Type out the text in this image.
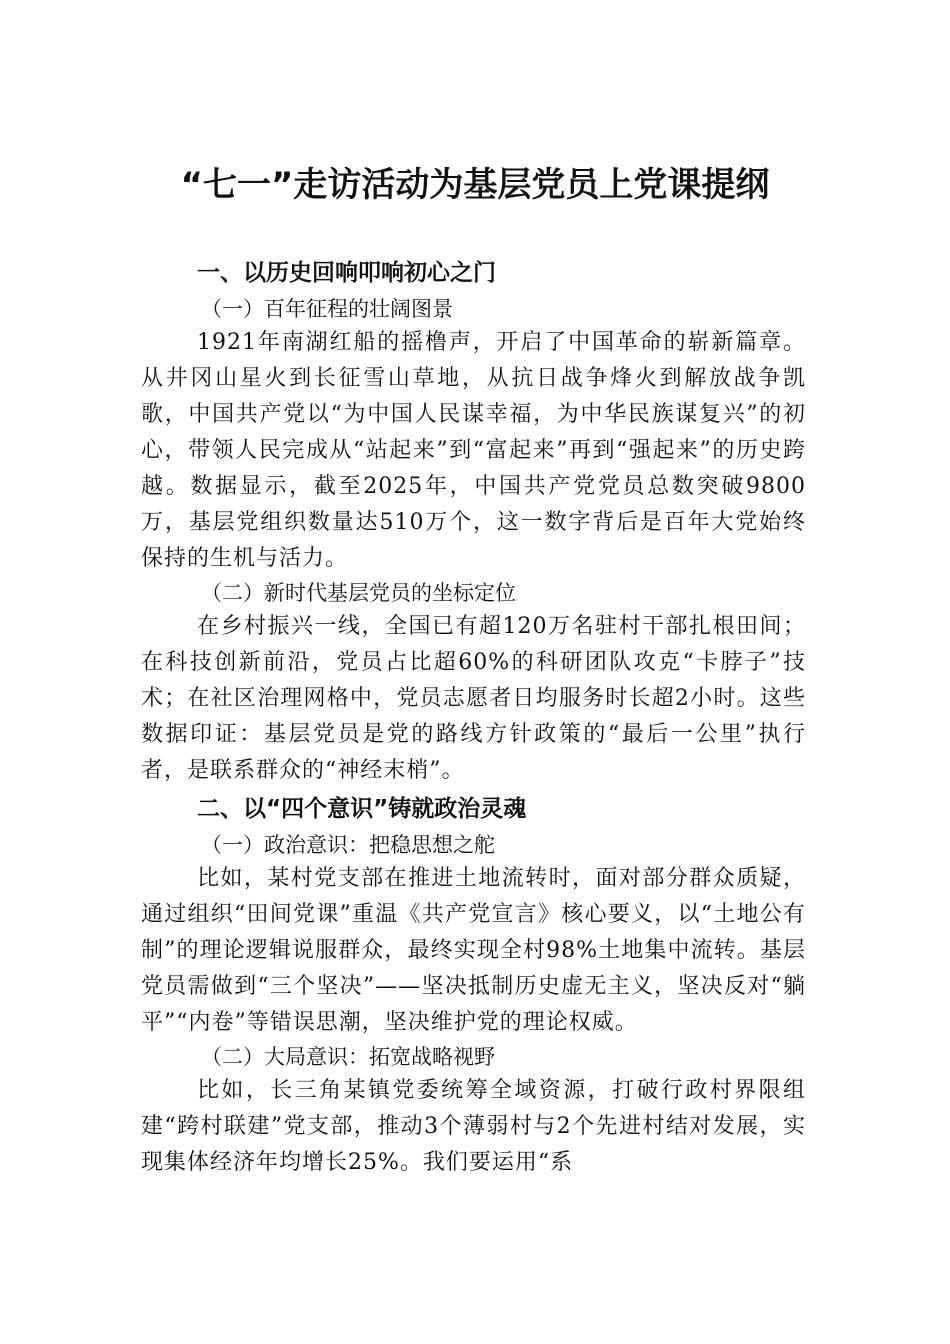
“七一”走访活动为基层党员上党课提纲
一、以历史回响叩响初心之门
（一）百年征程的壮阔图景

1921年南湖红船的摇橹声，开启了中国革命的崭新篇章。从井冈山星火到长征雪山草地，从抗日战争烽火到解放战争凯歌，中国共产党以“为中国人民谋幸福，为中华民族谋复兴”的初心，带领人民完成从“站起来”到“富起来”再到“强起来”的历史跨越。数据显示，截至2025年，中国共产党党员总数突破9800万，基层党组织数量达510万个，这一数字背后是百年大党始终保持的生机与活力。

（二）新时代基层党员的坐标定位

在乡村振兴一线，全国已有超120万名驻村干部扎根田间；在科技创新前沿，党员占比超60%的科研团队攻克“卡脖子”技术；在社区治理网格中，党员志愿者日均服务时长超2小时。这些数据印证：基层党员是党的路线方针政策的“最后一公里”执行者，是联系群众的“神经末梢”。

二、以“四个意识”铸就政治灵魂
（一）政治意识：把稳思想之舵

比如，某村党支部在推进土地流转时，面对部分群众质疑，通过组织“田间党课”重温《共产党宣言》核心要义，以“土地公有制”的理论逻辑说服群众，最终实现全村98%土地集中流转。基层党员需做到“三个坚决”——坚决抵制历史虚无主义，坚决反对“躺平”“内卷”等错误思潮，坚决维护党的理论权威。

（二）大局意识：拓宽战略视野

比如，长三角某镇党委统筹全域资源，打破行政村界限组建“跨村联建”党支部，推动3个薄弱村与2个先进村结对发展，实现集体经济年均增长25%。我们要运用“系
